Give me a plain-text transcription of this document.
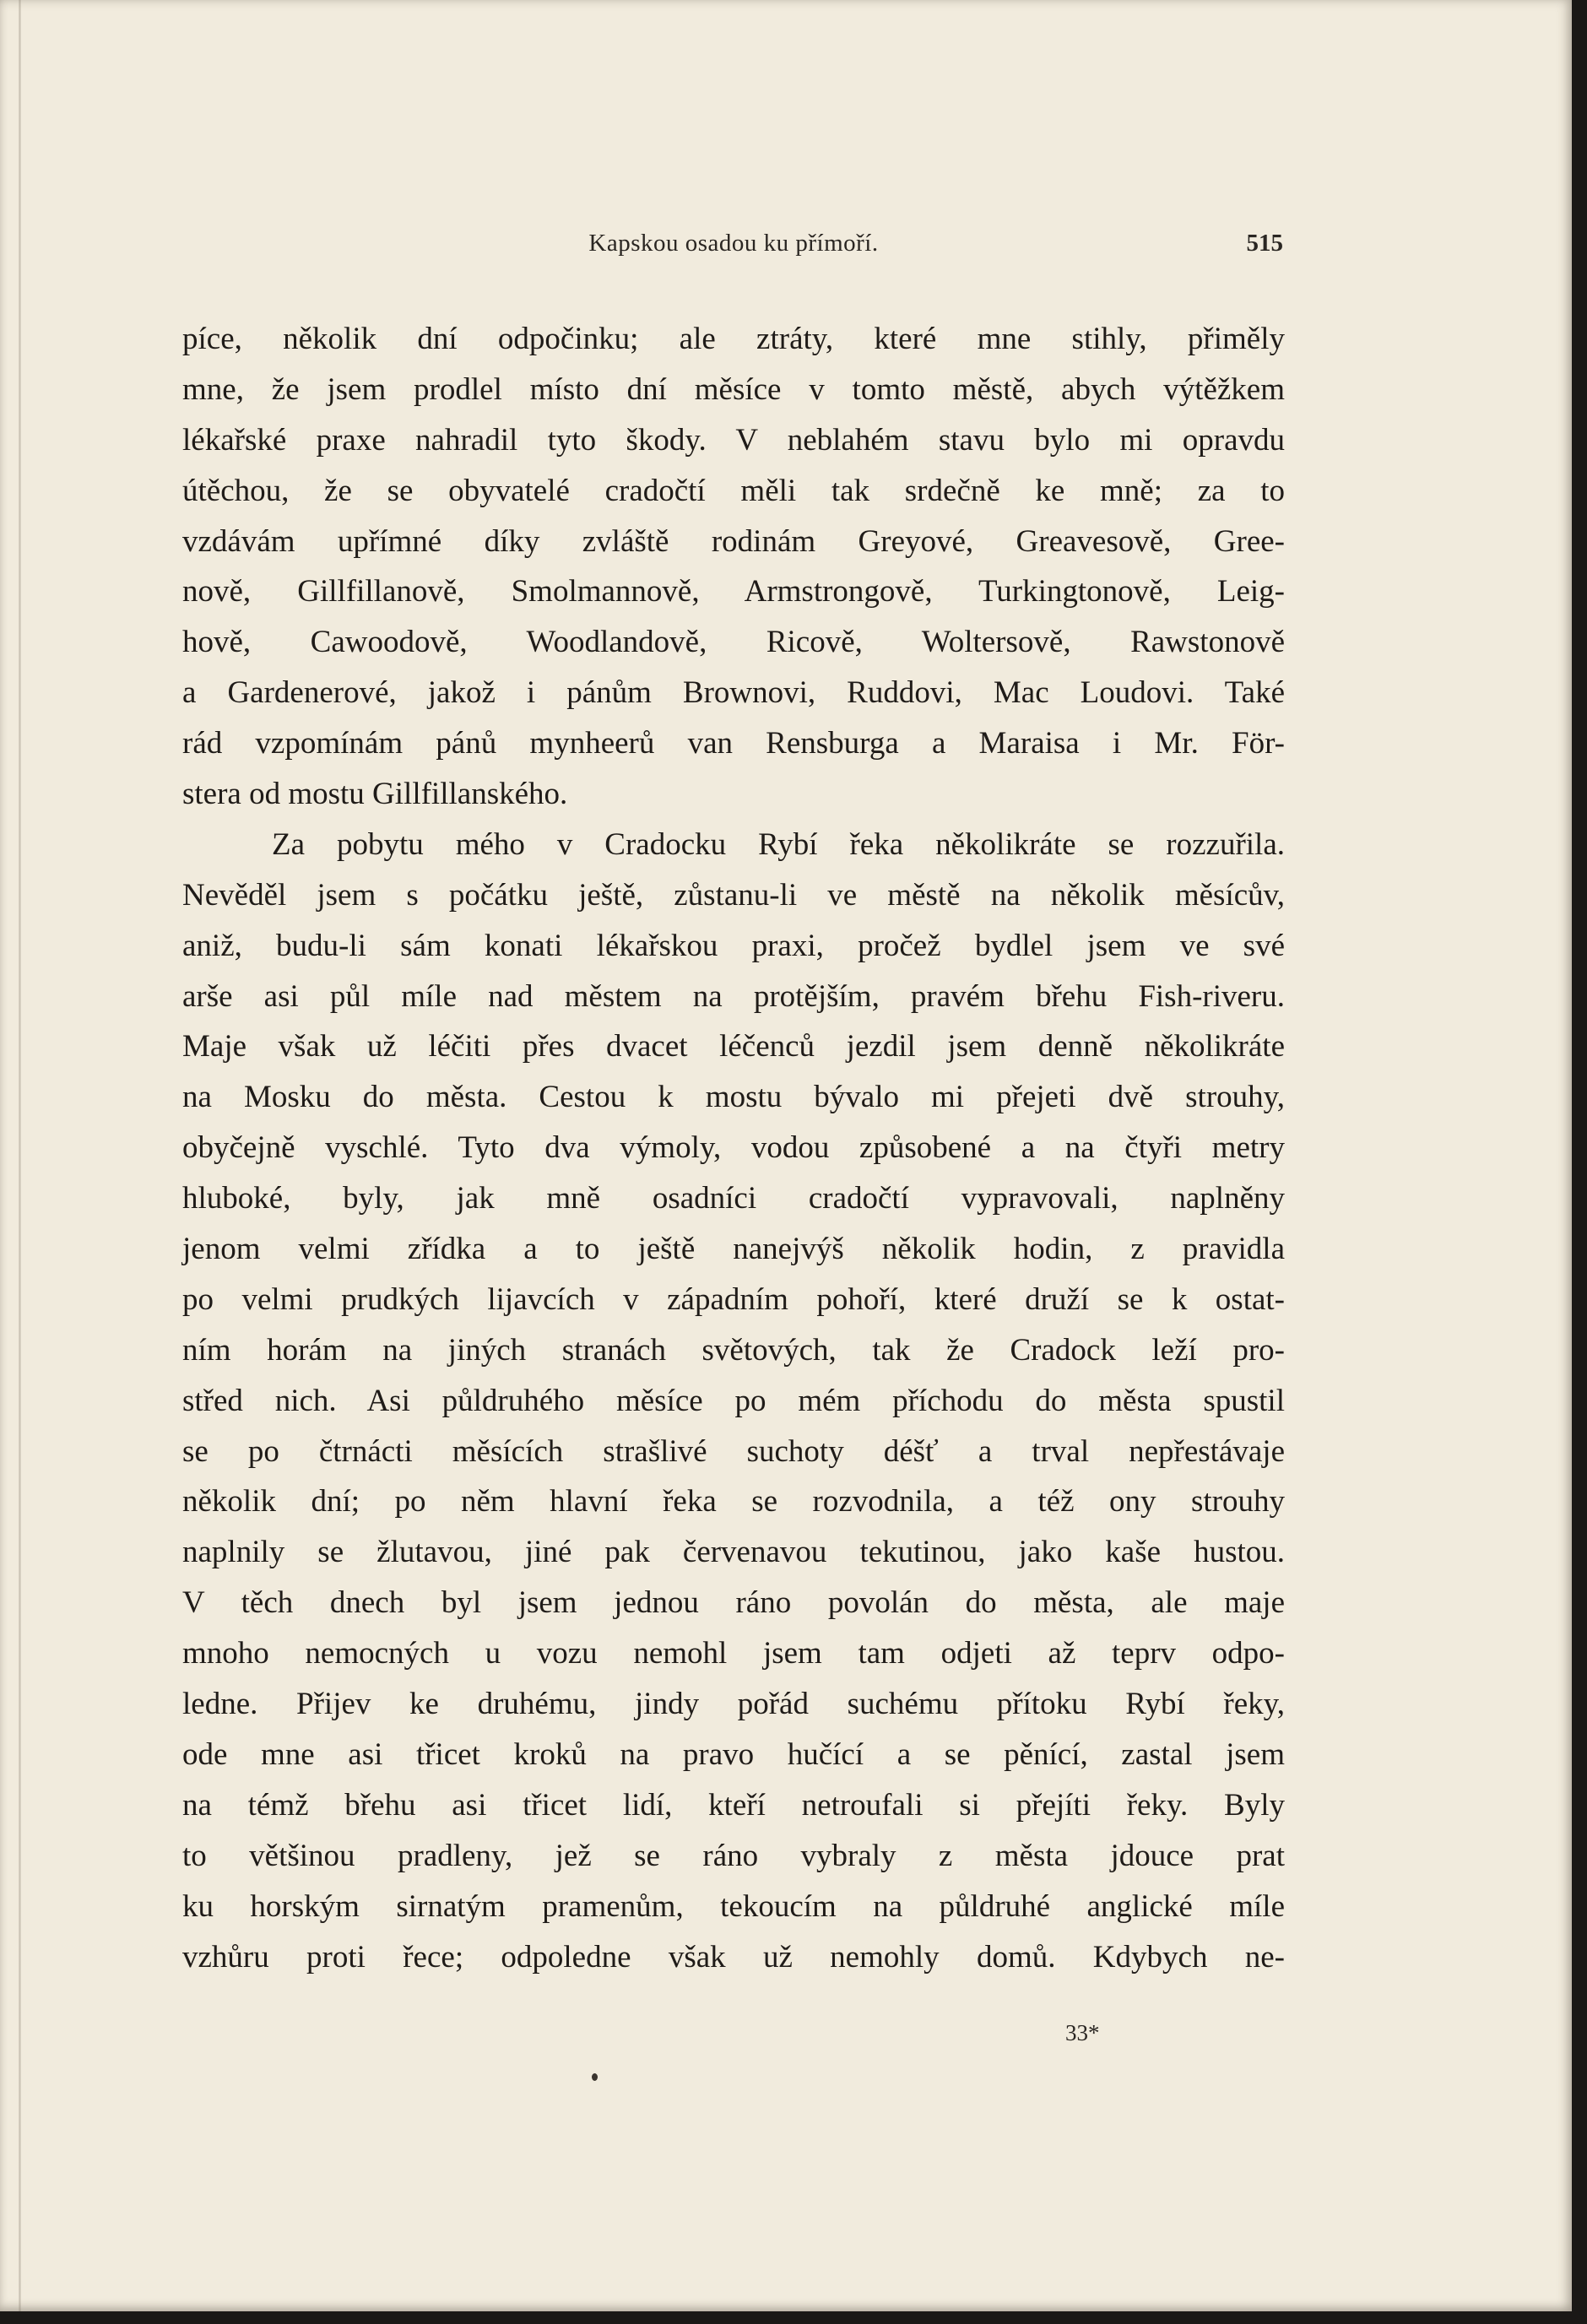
Kapskou osadou ku přímoří.	515
píce, několik dní odpočinku; ale ztráty, které mne stihly, přiměly
mne, že jsem prodlel místo dní měsíce v tomto městě, abych výtěžkem
lékařské praxe nahradil tyto škody. V neblahém stavu bylo mi opravdu
útěchou, že se obyvatelé cradočtí měli tak srdečně ke mně; za to
vzdávám upřímné díky zvláště rodinám Greyové, Greavesově, Gree-
nově, Gillfillanově, Smolmannově, Armstrongově, Turkingtonově, Leig-
hově, Cawoodově, Woodlandově, Ricově, Woltersově, Rawstonově
a Gardenerové, jakož i pánům Brownovi, Ruddovi, Mac Loudovi. Také
rád vzpomínám pánů mynheerů van Rensburga a Maraisa i Mr. För-
stera od mostu Gillfillanského.
Za pobytu mého v Cradocku Rybí řeka několikráte se rozzuřila.
Nevěděl jsem s počátku ještě, zůstanu-li ve městě na několik měsícův,
aniž, budu-li sám konati lékařskou praxi, pročež bydlel jsem ve své
arše asi půl míle nad městem na protějším, pravém břehu Fish-riveru.
Maje však už léčiti přes dvacet léčenců jezdil jsem denně několikráte
na Mosku do města. Cestou k mostu bývalo mi přejeti dvě strouhy,
obyčejně vyschlé. Tyto dva výmoly, vodou způsobené a na čtyři metry
hluboké, byly, jak mně osadníci cradočtí vypravovali, naplněny
jenom velmi zřídka a to ještě nanejvýš několik hodin, z pravidla
po velmi prudkých lijavcích v západním pohoří, které druží se k ostat-
ním horám na jiných stranách světových, tak že Cradock leží pro-
střed nich. Asi půldruhého měsíce po mém příchodu do města spustil
se po čtrnácti měsících strašlivé suchoty déšť a trval nepřestávaje
několik dní; po něm hlavní řeka se rozvodnila, a též ony strouhy
naplnily se žlutavou, jiné pak červenavou tekutinou, jako kaše hustou.
V těch dnech byl jsem jednou ráno povolán do města, ale maje
mnoho nemocných u vozu nemohl jsem tam odjeti až teprv odpo-
ledne. Přijev ke druhému, jindy pořád suchému přítoku Rybí řeky,
ode mne asi třicet kroků na pravo hučící a se pěnící, zastal jsem
na témž břehu asi třicet lidí, kteří netroufali si přejíti řeky. Byly
to většinou pradleny, jež se ráno vybraly z města jdouce prat
ku horským sirnatým pramenům, tekoucím na půldruhé anglické míle
vzhůru proti řece; odpoledne však už nemohly domů. Kdybych ne-
33*
